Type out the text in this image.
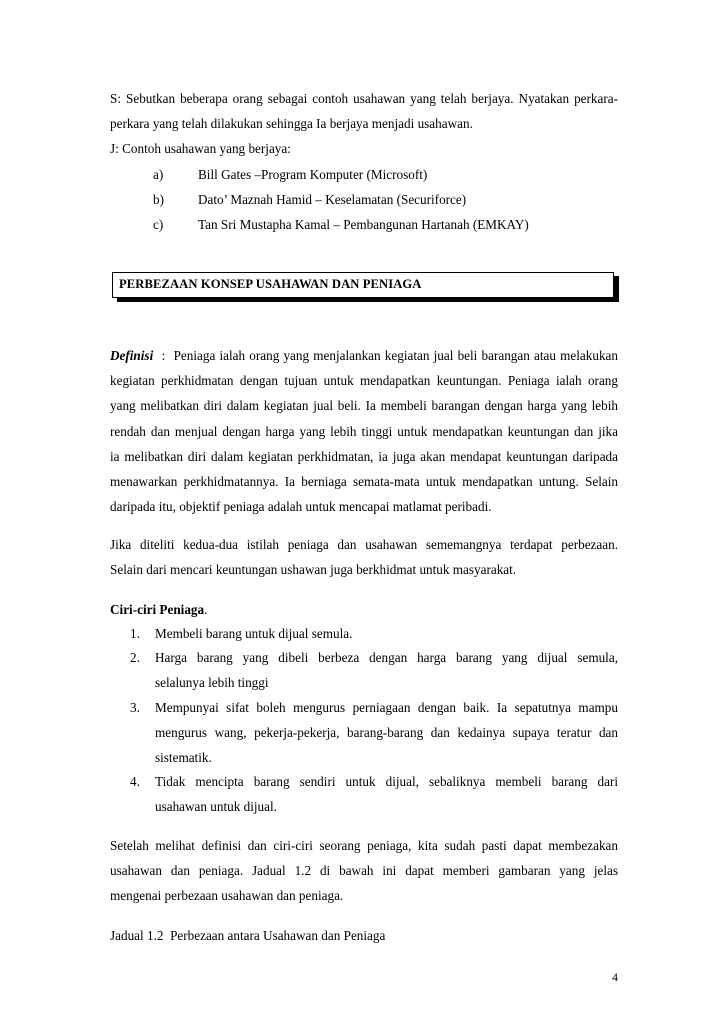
S: Sebutkan beberapa orang sebagai contoh usahawan yang telah berjaya. Nyatakan perkara-
perkara yang telah dilakukan sehingga Ia berjaya menjadi usahawan.
J: Contoh usahawan yang berjaya:
a)	Bill Gates –Program Komputer (Microsoft)
b)	Dato’ Maznah Hamid – Keselamatan (Securiforce)
c)	Tan Sri Mustapha Kamal – Pembangunan Hartanah (EMKAY)
PERBEZAAN KONSEP USAHAWAN DAN PENIAGA
Definisi  :  Peniaga ialah orang yang menjalankan kegiatan jual beli barangan atau melakukan
kegiatan perkhidmatan dengan tujuan untuk mendapatkan keuntungan. Peniaga ialah orang
yang melibatkan diri dalam kegiatan jual beli. Ia membeli barangan dengan harga yang lebih
rendah dan menjual dengan harga yang lebih tinggi untuk mendapatkan keuntungan dan jika
ia melibatkan diri dalam kegiatan perkhidmatan, ia juga akan mendapat keuntungan daripada
menawarkan perkhidmatannya. Ia berniaga semata-mata untuk mendapatkan untung. Selain
daripada itu, objektif peniaga adalah untuk mencapai matlamat peribadi.
Jika diteliti kedua-dua istilah peniaga dan usahawan sememangnya terdapat perbezaan.
Selain dari mencari keuntungan ushawan juga berkhidmat untuk masyarakat.
Ciri-ciri Peniaga.
1. Membeli barang untuk dijual semula.
2. Harga barang yang dibeli berbeza dengan harga barang yang dijual semula,
selalunya lebih tinggi
3. Mempunyai sifat boleh mengurus perniagaan dengan baik. Ia sepatutnya mampu
mengurus wang, pekerja-pekerja, barang-barang dan kedainya supaya teratur dan
sistematik.
4. Tidak mencipta barang sendiri untuk dijual, sebaliknya membeli barang dari
usahawan untuk dijual.
Setelah melihat definisi dan ciri-ciri seorang peniaga, kita sudah pasti dapat membezakan
usahawan dan peniaga. Jadual 1.2 di bawah ini dapat memberi gambaran yang jelas
mengenai perbezaan usahawan dan peniaga.
Jadual 1.2  Perbezaan antara Usahawan dan Peniaga
4
